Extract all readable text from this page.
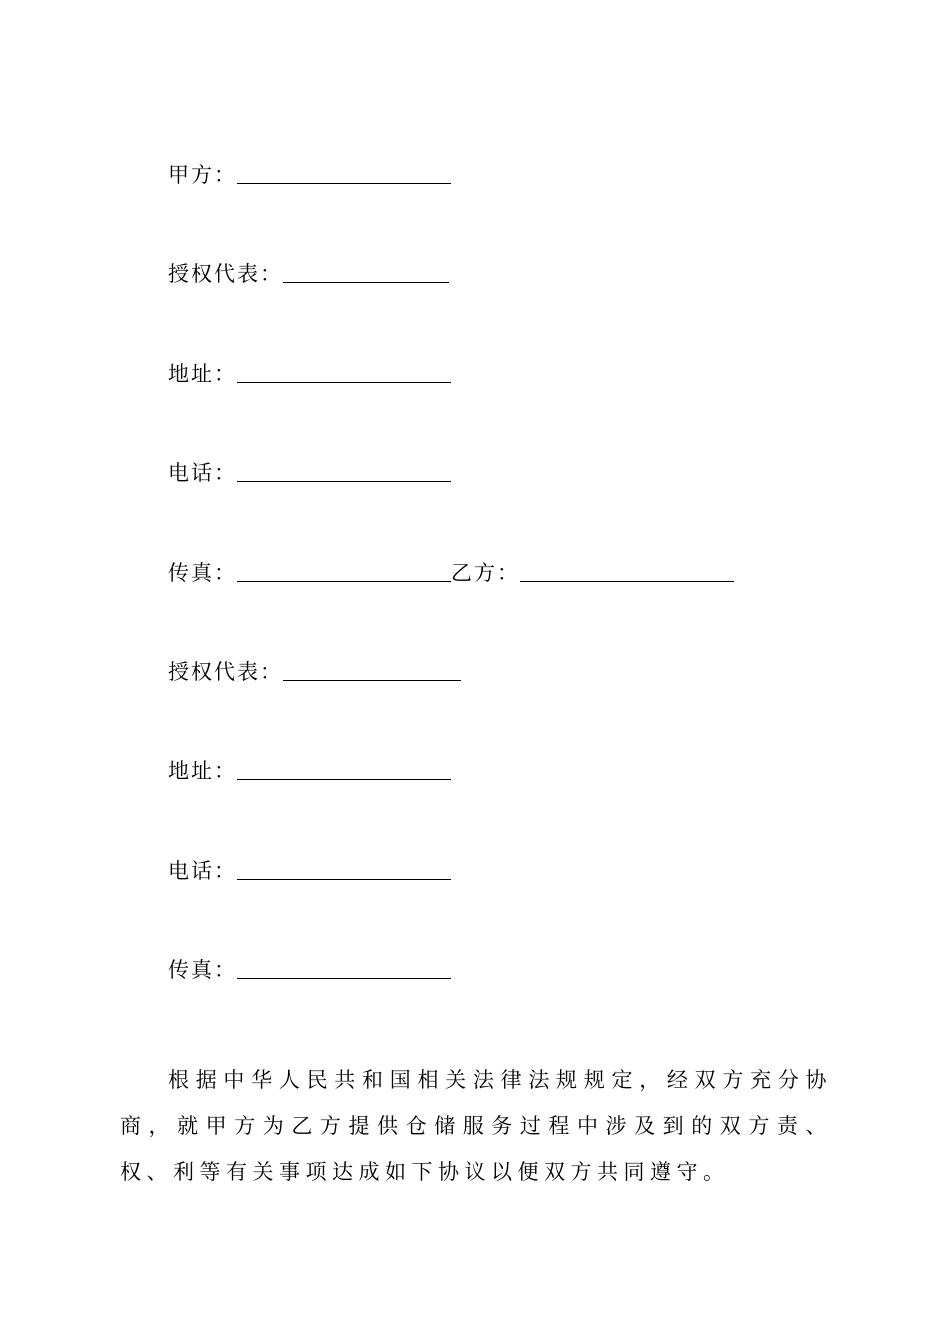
甲方：
授权代表：
地址：
电话：
传真：	乙方：
授权代表：
地址：
电话：
传真：

根据中华人民共和国相关法律法规规定，经双方充分协商，就甲方为乙方提供仓储服务过程中涉及到的双方责、权、利等有关事项达成如下协议以便双方共同遵守。
